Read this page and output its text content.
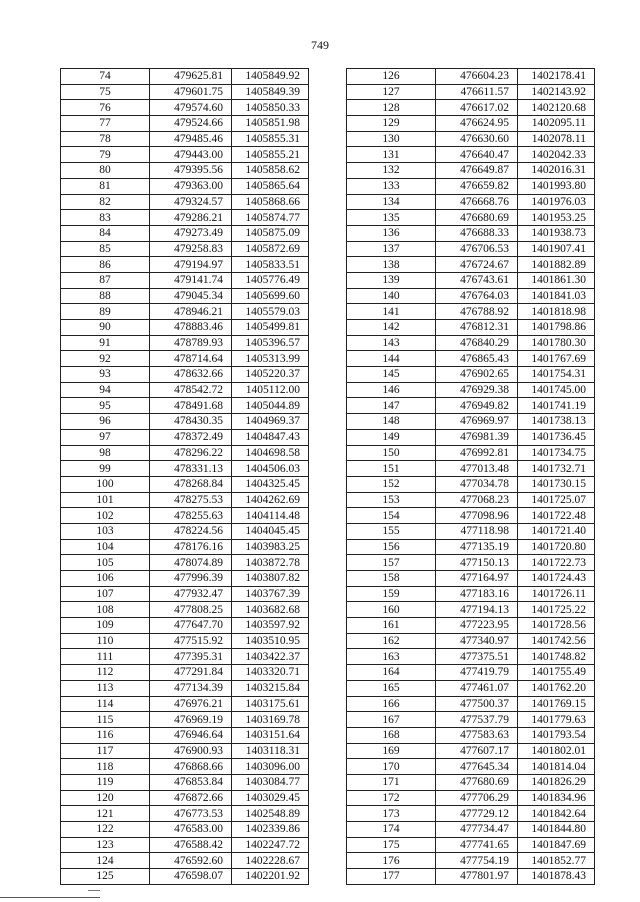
749
74	479625.81	1405849.92
75	479601.75	1405849.39
76	479574.60	1405850.33
77	479524.66	1405851.98
78	479485.46	1405855.31
79	479443.00	1405855.21
80	479395.56	1405858.62
81	479363.00	1405865.64
82	479324.57	1405868.66
83	479286.21	1405874.77
84	479273.49	1405875.09
85	479258.83	1405872.69
86	479194.97	1405833.51
87	479141.74	1405776.49
88	479045.34	1405699.60
89	478946.21	1405579.03
90	478883.46	1405499.81
91	478789.93	1405396.57
92	478714.64	1405313.99
93	478632.66	1405220.37
94	478542.72	1405112.00
95	478491.68	1405044.89
96	478430.35	1404969.37
97	478372.49	1404847.43
98	478296.22	1404698.58
99	478331.13	1404506.03
100	478268.84	1404325.45
101	478275.53	1404262.69
102	478255.63	1404114.48
103	478224.56	1404045.45
104	478176.16	1403983.25
105	478074.89	1403872.78
106	477996.39	1403807.82
107	477932.47	1403767.39
108	477808.25	1403682.68
109	477647.70	1403597.92
110	477515.92	1403510.95
111	477395.31	1403422.37
112	477291.84	1403320.71
113	477134.39	1403215.84
114	476976.21	1403175.61
115	476969.19	1403169.78
116	476946.64	1403151.64
117	476900.93	1403118.31
118	476868.66	1403096.00
119	476853.84	1403084.77
120	476872.66	1403029.45
121	476773.53	1402548.89
122	476583.00	1402339.86
123	476588.42	1402247.72
124	476592.60	1402228.67
125	476598.07	1402201.92
126	476604.23	1402178.41
127	476611.57	1402143.92
128	476617.02	1402120.68
129	476624.95	1402095.11
130	476630.60	1402078.11
131	476640.47	1402042.33
132	476649.87	1402016.31
133	476659.82	1401993.80
134	476668.76	1401976.03
135	476680.69	1401953.25
136	476688.33	1401938.73
137	476706.53	1401907.41
138	476724.67	1401882.89
139	476743.61	1401861.30
140	476764.03	1401841.03
141	476788.92	1401818.98
142	476812.31	1401798.86
143	476840.29	1401780.30
144	476865.43	1401767.69
145	476902.65	1401754.31
146	476929.38	1401745.00
147	476949.82	1401741.19
148	476969.97	1401738.13
149	476981.39	1401736.45
150	476992.81	1401734.75
151	477013.48	1401732.71
152	477034.78	1401730.15
153	477068.23	1401725.07
154	477098.96	1401722.48
155	477118.98	1401721.40
156	477135.19	1401720.80
157	477150.13	1401722.73
158	477164.97	1401724.43
159	477183.16	1401726.11
160	477194.13	1401725.22
161	477223.95	1401728.56
162	477340.97	1401742.56
163	477375.51	1401748.82
164	477419.79	1401755.49
165	477461.07	1401762.20
166	477500.37	1401769.15
167	477537.79	1401779.63
168	477583.63	1401793.54
169	477607.17	1401802.01
170	477645.34	1401814.04
171	477680.69	1401826.29
172	477706.29	1401834.96
173	477729.12	1401842.64
174	477734.47	1401844.80
175	477741.65	1401847.69
176	477754.19	1401852.77
177	477801.97	1401878.43
